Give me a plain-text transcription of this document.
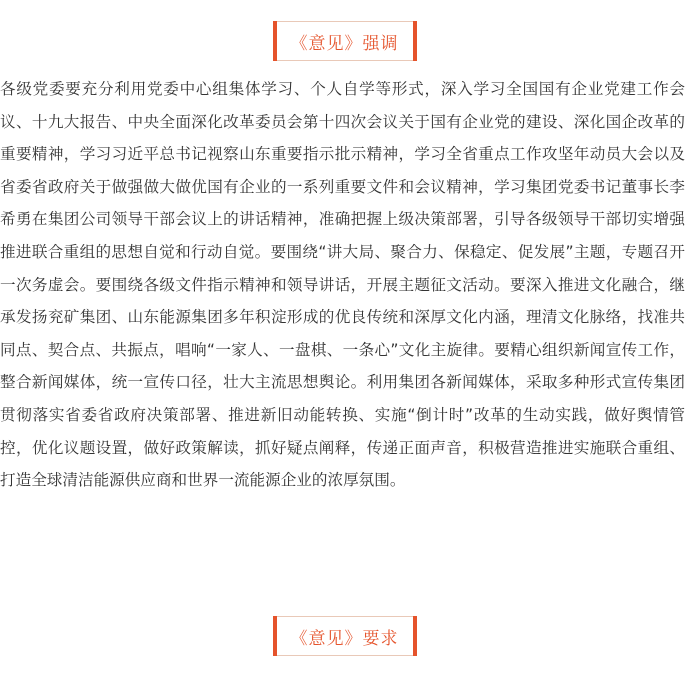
《意见》强调

各级党委要充分利用党委中心组集体学习、个人自学等形式，深入学习全国国有企业党建工作会议、十九大报告、中央全面深化改革委员会第十四次会议关于国有企业党的建设、深化国企改革的重要精神，学习习近平总书记视察山东重要指示批示精神，学习全省重点工作攻坚年动员大会以及省委省政府关于做强做大做优国有企业的一系列重要文件和会议精神，学习集团党委书记董事长李希勇在集团公司领导干部会议上的讲话精神，准确把握上级决策部署，引导各级领导干部切实增强推进联合重组的思想自觉和行动自觉。要围绕“讲大局、聚合力、保稳定、促发展”主题，专题召开一次务虚会。要围绕各级文件指示精神和领导讲话，开展主题征文活动。要深入推进文化融合，继承发扬兖矿集团、山东能源集团多年积淀形成的优良传统和深厚文化内涵，理清文化脉络，找准共同点、契合点、共振点，唱响“一家人、一盘棋、一条心”文化主旋律。要精心组织新闻宣传工作，整合新闻媒体，统一宣传口径，壮大主流思想舆论。利用集团各新闻媒体，采取多种形式宣传集团贯彻落实省委省政府决策部署、推进新旧动能转换、实施“倒计时”改革的生动实践，做好舆情管控，优化议题设置，做好政策解读，抓好疑点阐释，传递正面声音，积极营造推进实施联合重组、打造全球清洁能源供应商和世界一流能源企业的浓厚氛围。

《意见》要求
